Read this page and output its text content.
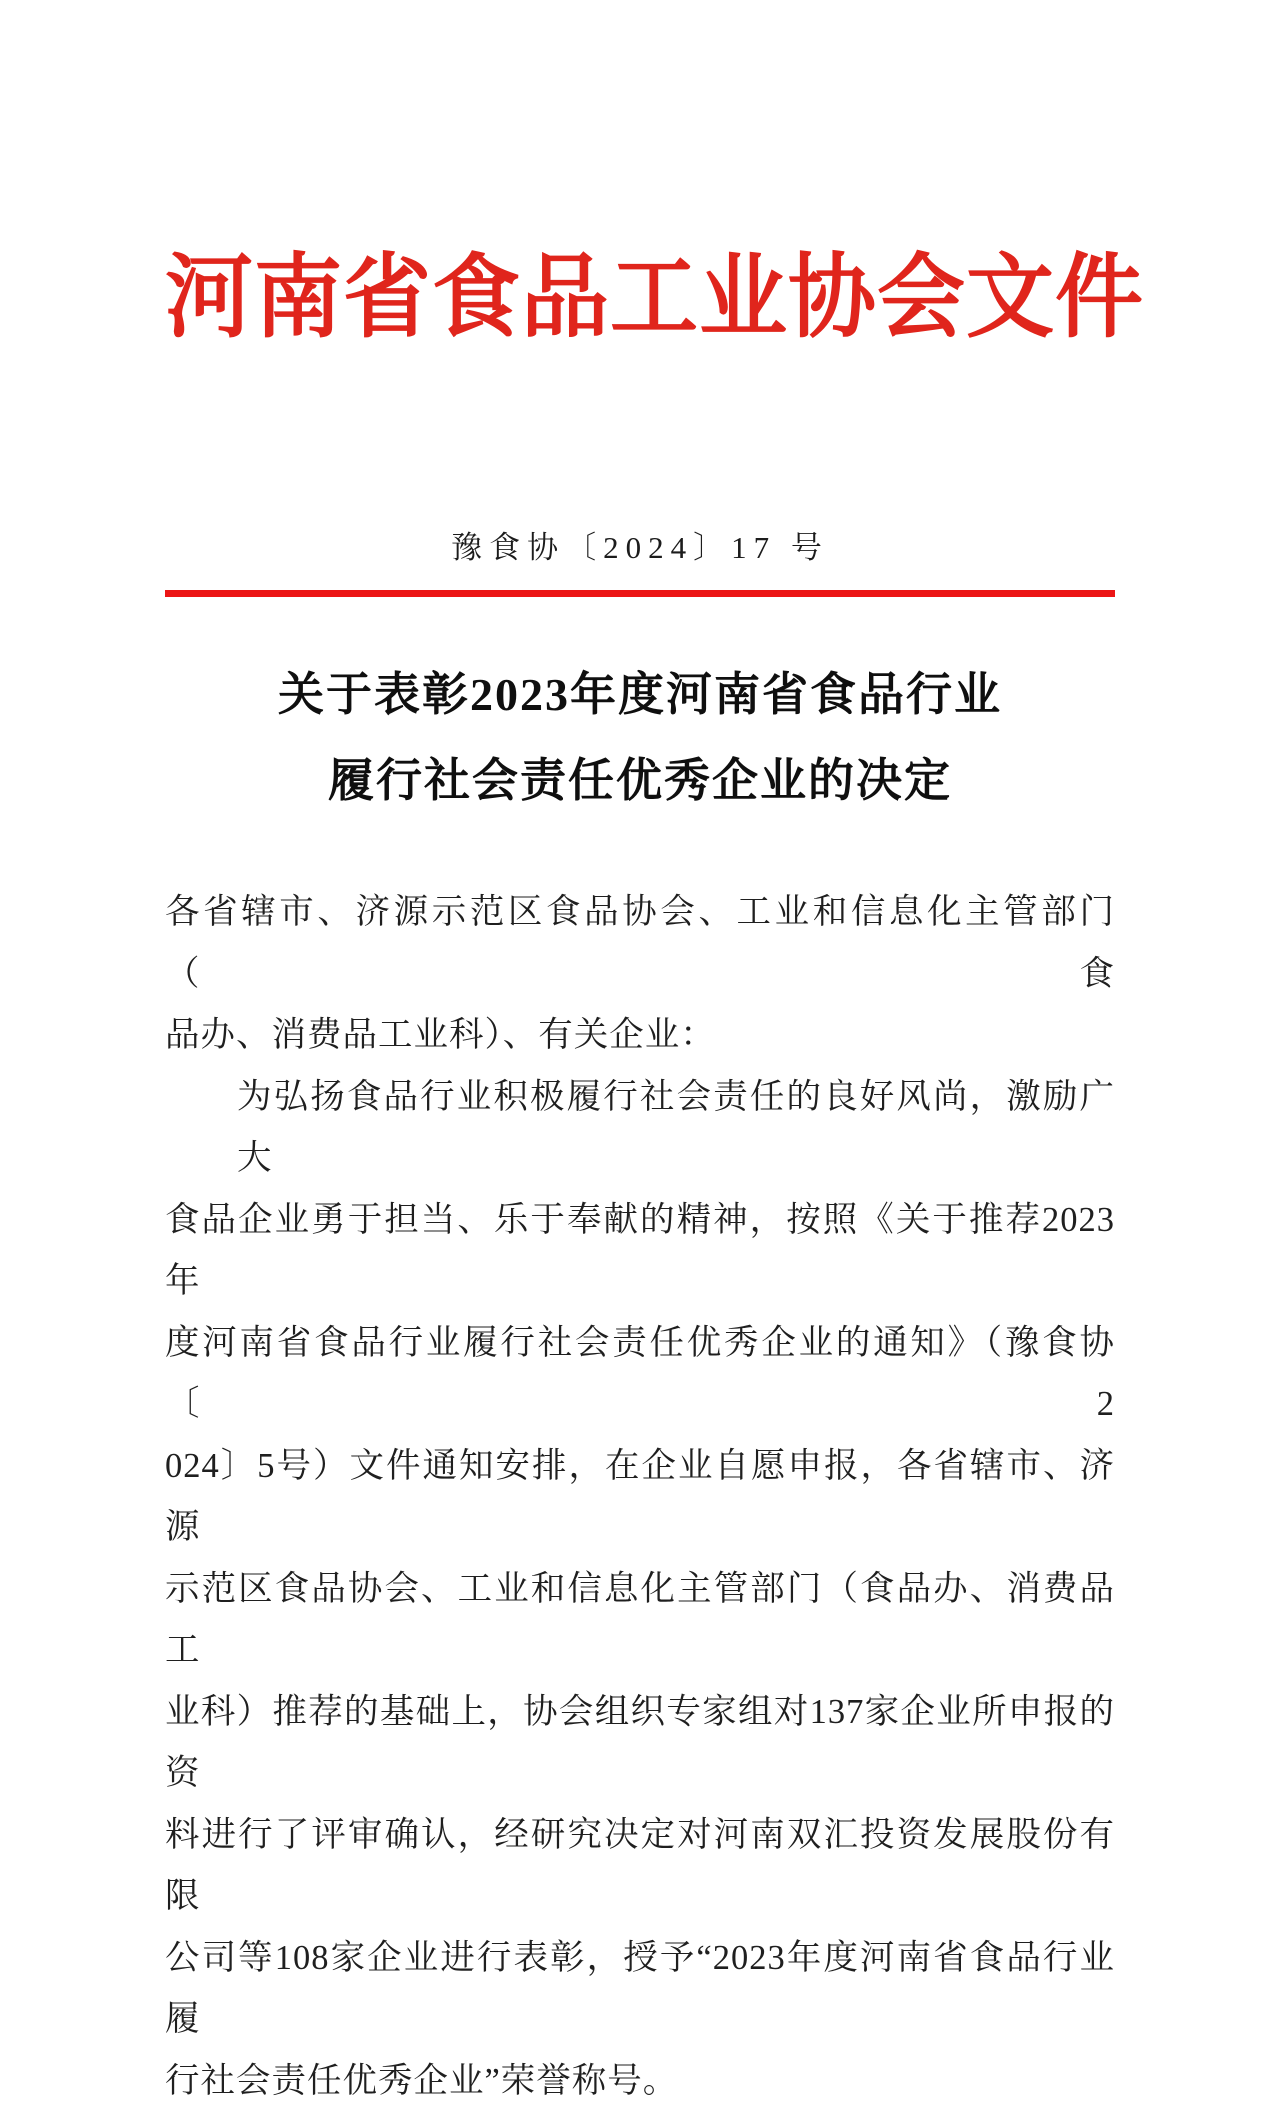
河南省食品工业协会文件
豫食协〔2024〕17 号
关于表彰2023年度河南省食品行业
履行社会责任优秀企业的决定
各省辖市、济源示范区食品协会、工业和信息化主管部门（食
品办、消费品工业科）、有关企业：
为弘扬食品行业积极履行社会责任的良好风尚，激励广大
食品企业勇于担当、乐于奉献的精神，按照《关于推荐2023年
度河南省食品行业履行社会责任优秀企业的通知》（豫食协〔2
024〕5号）文件通知安排，在企业自愿申报，各省辖市、济源
示范区食品协会、工业和信息化主管部门（食品办、消费品工
业科）推荐的基础上，协会组织专家组对137家企业所申报的资
料进行了评审确认，经研究决定对河南双汇投资发展股份有限
公司等108家企业进行表彰，授予“2023年度河南省食品行业履
行社会责任优秀企业”荣誉称号。
